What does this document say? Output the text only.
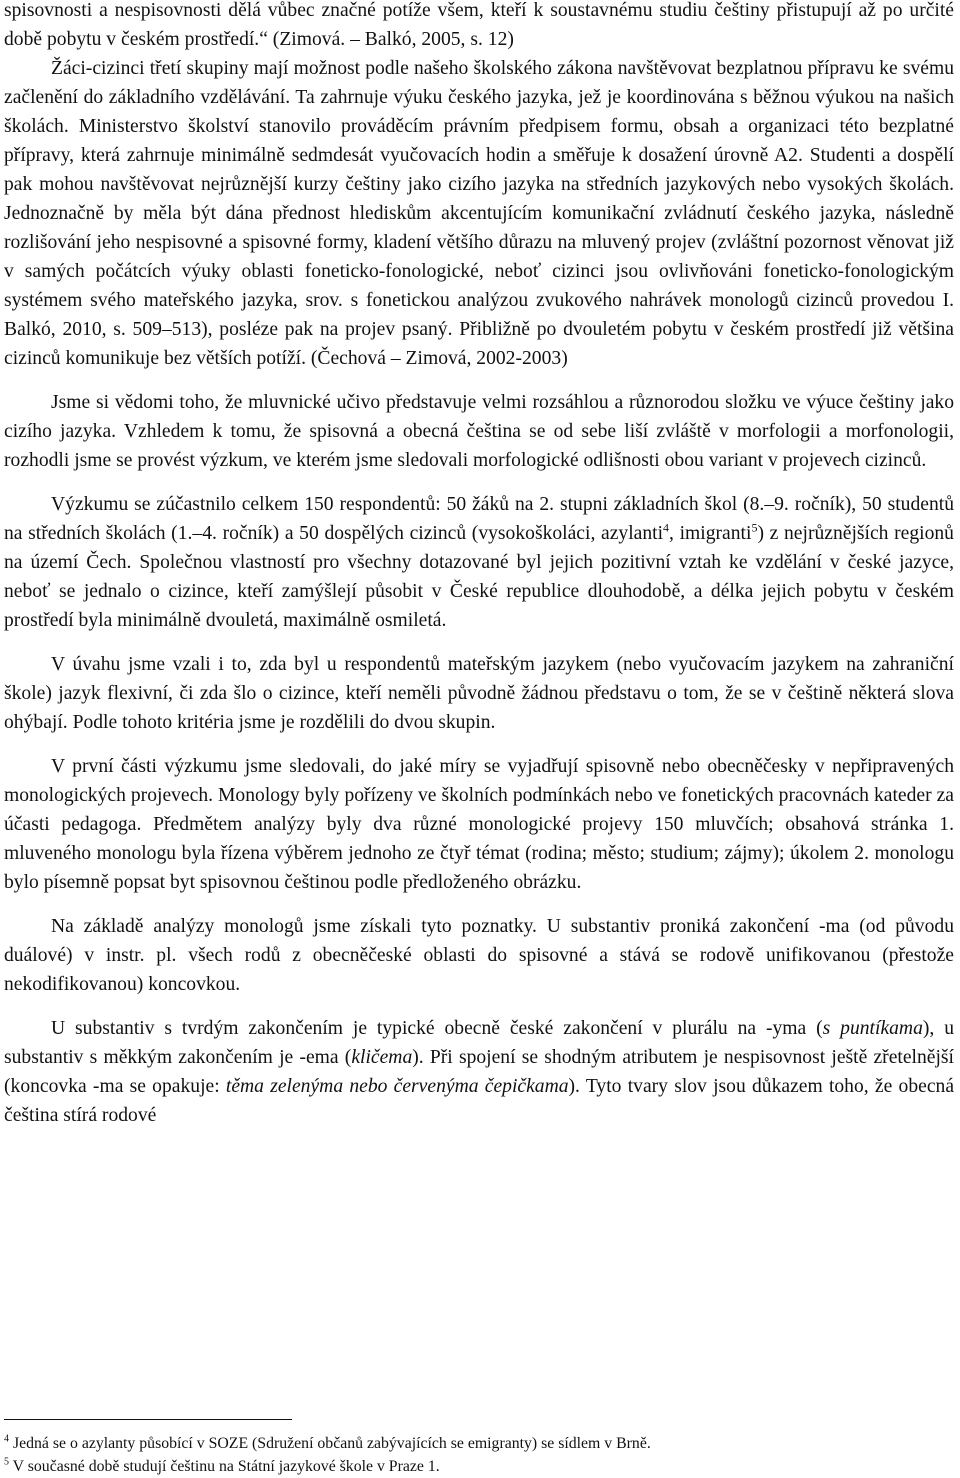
spisovnosti a nespisovnosti dělá vůbec značné potíže všem, kteří k soustavnému studiu češtiny přistupují až po určité době pobytu v českém prostředí.“ (Zimová. – Balkó, 2005, s. 12)

Žáci-cizinci třetí skupiny mají možnost podle našeho školského zákona navštěvovat bezplatnou přípravu ke svému začlenění do základního vzdělávání. Ta zahrnuje výuku českého jazyka, jež je koordinována s běžnou výukou na našich školách. Ministerstvo školství stanovilo prováděcím právním předpisem formu, obsah a organizaci této bezplatné přípravy, která zahrnuje minimálně sedmdesát vyučovacích hodin a směřuje k dosažení úrovně A2. Studenti a dospělí pak mohou navštěvovat nejrůznější kurzy češtiny jako cizího jazyka na středních jazykových nebo vysokých školách. Jednoznačně by měla být dána přednost hlediskům akcentujícím komunikační zvládnutí českého jazyka, následně rozlišování jeho nespisovné a spisovné formy, kladení většího důrazu na mluvený projev (zvláštní pozornost věnovat již v samých počátcích výuky oblasti foneticko-fonologické, neboť cizinci jsou ovlivňováni foneticko-fonologickým systémem svého mateřského jazyka, srov. s fonetickou analýzou zvukového nahrávek monologů cizinců provedou I. Balkó, 2010, s. 509–513), posléze pak na projev psaný. Přibližně po dvouletém pobytu v českém prostředí již většina cizinců komunikuje bez větších potíží. (Čechová – Zimová, 2002-2003)

Jsme si vědomi toho, že mluvnické učivo představuje velmi rozsáhlou a různorodou složku ve výuce češtiny jako cizího jazyka. Vzhledem k tomu, že spisovná a obecná čeština se od sebe liší zvláště v morfologii a morfonologii, rozhodli jsme se provést výzkum, ve kterém jsme sledovali morfologické odlišnosti obou variant v projevech cizinců.

Výzkumu se zúčastnilo celkem 150 respondentů: 50 žáků na 2. stupni základních škol (8.–9. ročník), 50 studentů na středních školách (1.–4. ročník) a 50 dospělých cizinců (vysokoškoláci, azylanti$^4$, imigranti$^5$) z nejrůznějších regionů na území Čech. Společnou vlastností pro všechny dotazované byl jejich pozitivní vztah ke vzdělání v české jazyce, neboť se jednalo o cizince, kteří zamýšlejí působit v České republice dlouhodobě, a délka jejich pobytu v českém prostředí byla minimálně dvouletá, maximálně osmiletá.

V úvahu jsme vzali i to, zda byl u respondentů mateřským jazykem (nebo vyučovacím jazykem na zahraniční škole) jazyk flexivní, či zda šlo o cizince, kteří neměli původně žádnou představu o tom, že se v češtině některá slova ohýbají. Podle tohoto kritéria jsme je rozdělili do dvou skupin.

V první části výzkumu jsme sledovali, do jaké míry se vyjadřují spisovně nebo obecněčesky v nepřipravených monologických projevech. Monology byly pořízeny ve školních podmínkách nebo ve fonetických pracovnách kateder za účasti pedagoga. Předmětem analýzy byly dva různé monologické projevy 150 mluvčích; obsahová stránka 1. mluveného monologu byla řízena výběrem jednoho ze čtyř témat (rodina; město; studium; zájmy); úkolem 2. monologu bylo písemně popsat byt spisovnou češtinou podle předloženého obrázku.

Na základě analýzy monologů jsme získali tyto poznatky. U substantiv proniká zakončení -ma (od původu duálové) v instr. pl. všech rodů z obecněčeské oblasti do spisovné a stává se rodově unifikovanou (přestože nekodifikovanou) koncovkou.

U substantiv s tvrdým zakončením je typické obecně české zakončení v plurálu na -yma (s puntíkama), u substantiv s měkkým zakončením je -ema (kličema). Při spojení se shodným atributem je nespisovnost ještě zřetelnější (koncovka -ma se opakuje: těma zelenýma nebo červenýma čepičkama). Tyto tvary slov jsou důkazem toho, že obecná čeština stírá rodové

$^4$ Jedná se o azylanty působící v SOZE (Sdružení občanů zabývajících se emigranty) se sídlem v Brně.

$^5$ V současné době studují češtinu na Státní jazykové škole v Praze 1.
